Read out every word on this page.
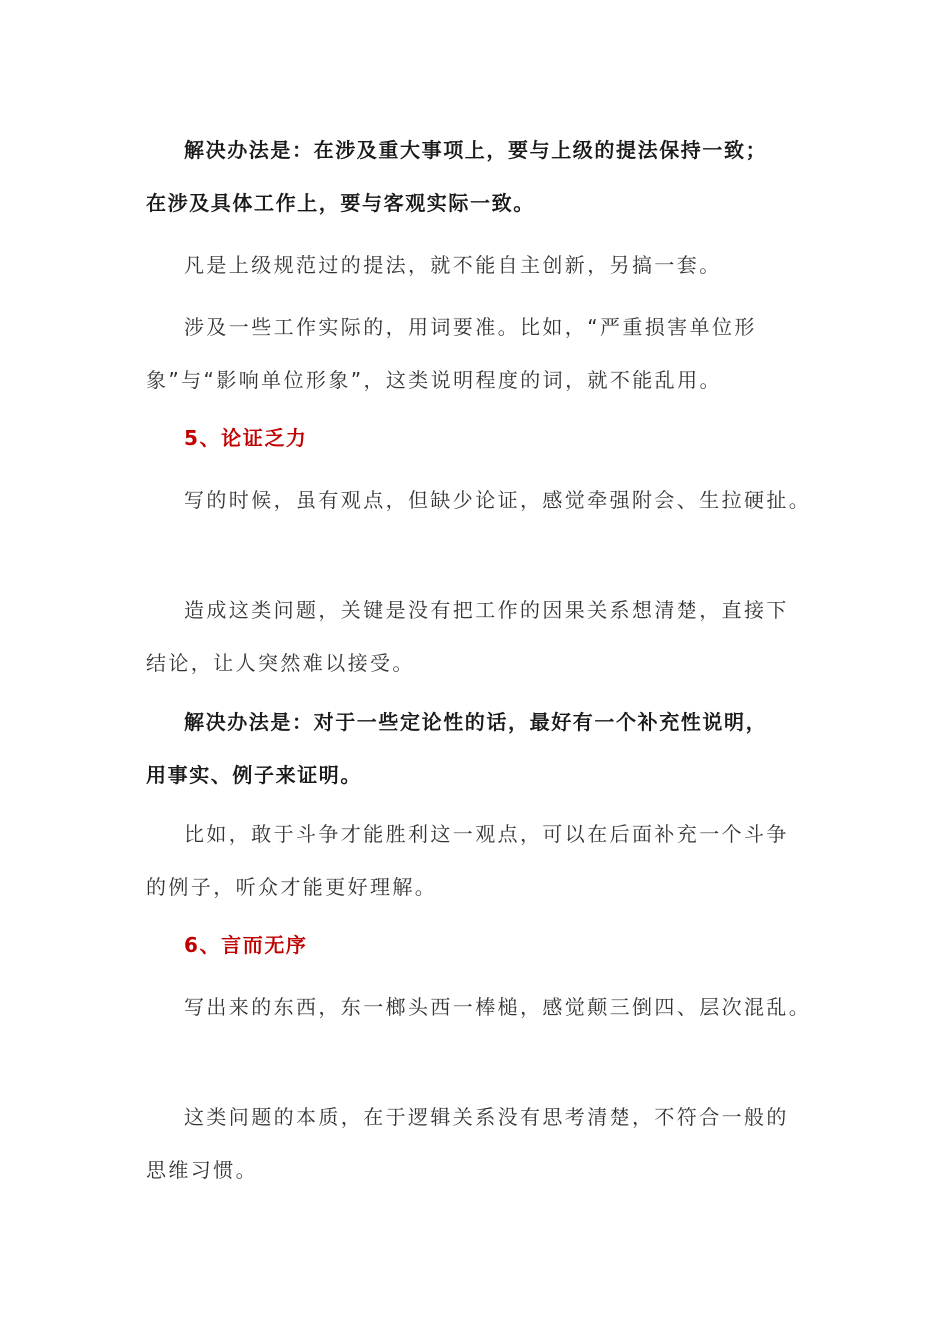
解决办法是：在涉及重大事项上，要与上级的提法保持一致；
在涉及具体工作上，要与客观实际一致。
凡是上级规范过的提法，就不能自主创新，另搞一套。
涉及一些工作实际的，用词要准。比如，“严重损害单位形
象”与“影响单位形象”，这类说明程度的词，就不能乱用。
5、论证乏力
写的时候，虽有观点，但缺少论证，感觉牵强附会、生拉硬扯。
造成这类问题，关键是没有把工作的因果关系想清楚，直接下
结论，让人突然难以接受。
解决办法是：对于一些定论性的话，最好有一个补充性说明，
用事实、例子来证明。
比如，敢于斗争才能胜利这一观点，可以在后面补充一个斗争
的例子，听众才能更好理解。
6、言而无序
写出来的东西，东一榔头西一棒槌，感觉颠三倒四、层次混乱。
这类问题的本质，在于逻辑关系没有思考清楚，不符合一般的
思维习惯。
